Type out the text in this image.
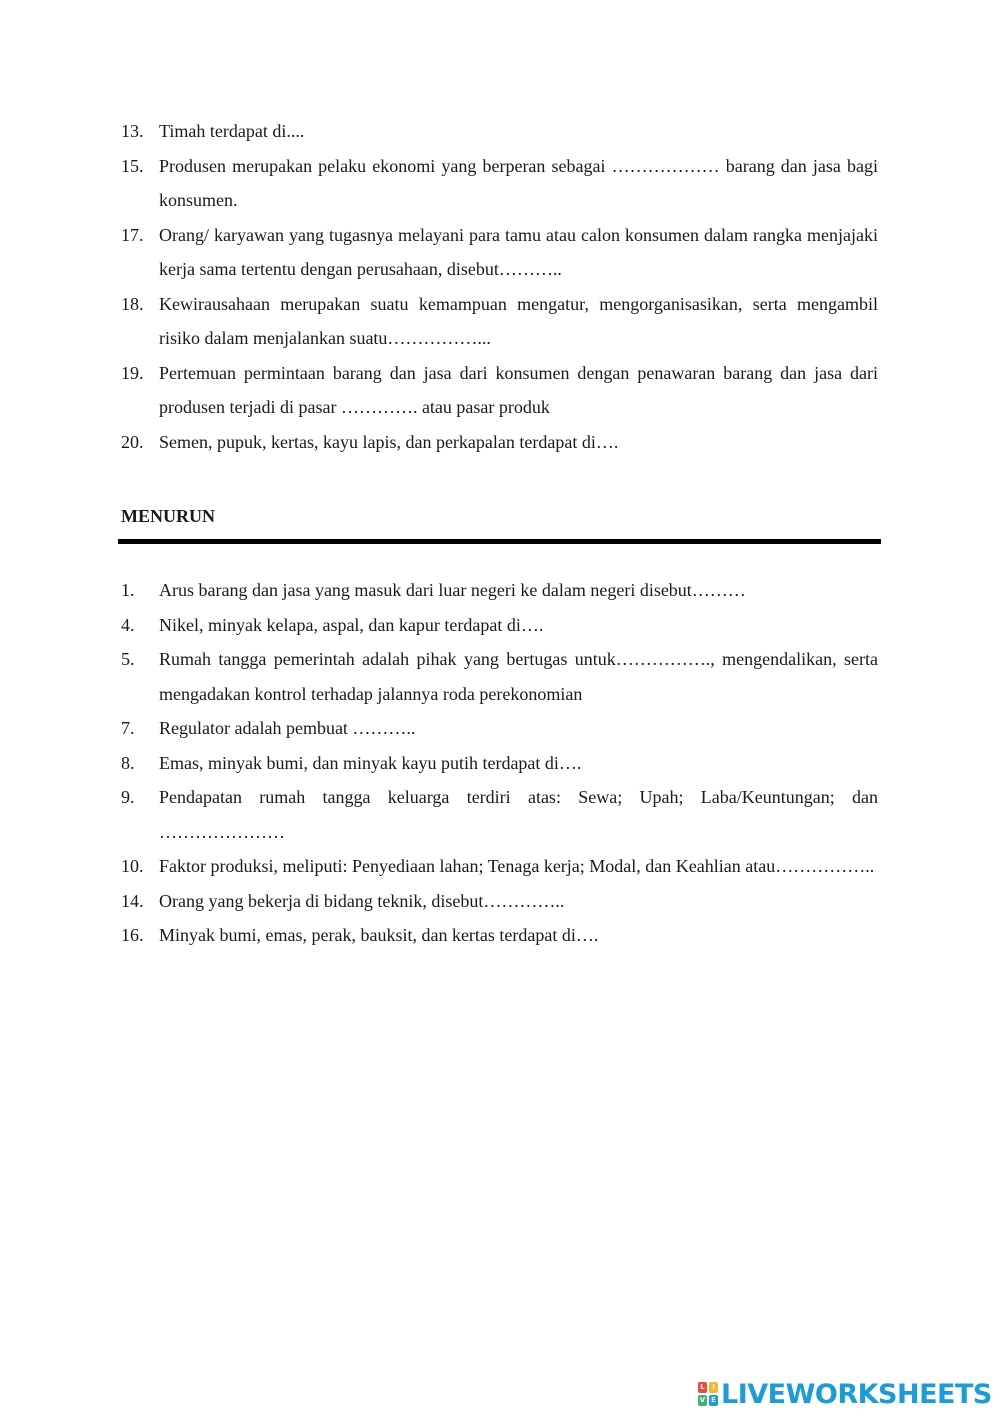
13. Timah terdapat di....
15. Produsen merupakan pelaku ekonomi yang berperan sebagai ……………… barang dan jasa bagi konsumen.
17. Orang/ karyawan yang tugasnya melayani para tamu atau calon konsumen dalam rangka menjajaki kerja sama tertentu dengan perusahaan, disebut………..
18. Kewirausahaan merupakan suatu kemampuan mengatur, mengorganisasikan, serta mengambil risiko dalam menjalankan suatu……………...
19. Pertemuan permintaan barang dan jasa dari konsumen dengan penawaran barang dan jasa dari produsen terjadi di pasar …………. atau pasar produk
20. Semen, pupuk, kertas, kayu lapis, dan perkapalan terdapat di….
MENURUN
1. Arus barang dan jasa yang masuk dari luar negeri ke dalam negeri disebut………
4. Nikel, minyak kelapa, aspal, dan kapur terdapat di….
5. Rumah tangga pemerintah adalah pihak yang bertugas untuk……………., mengendalikan, serta mengadakan kontrol terhadap jalannya roda perekonomian
7. Regulator adalah pembuat ………..
8. Emas, minyak bumi, dan minyak kayu putih terdapat di….
9. Pendapatan rumah tangga keluarga terdiri atas: Sewa; Upah; Laba/Keuntungan; dan …………………
10. Faktor produksi, meliputi: Penyediaan lahan; Tenaga kerja; Modal, dan Keahlian atau……………..
14. Orang yang bekerja di bidang teknik, disebut…………..
16. Minyak bumi, emas, perak, bauksit, dan kertas terdapat di….
L	I
V E LIVEWORKSHEETS
